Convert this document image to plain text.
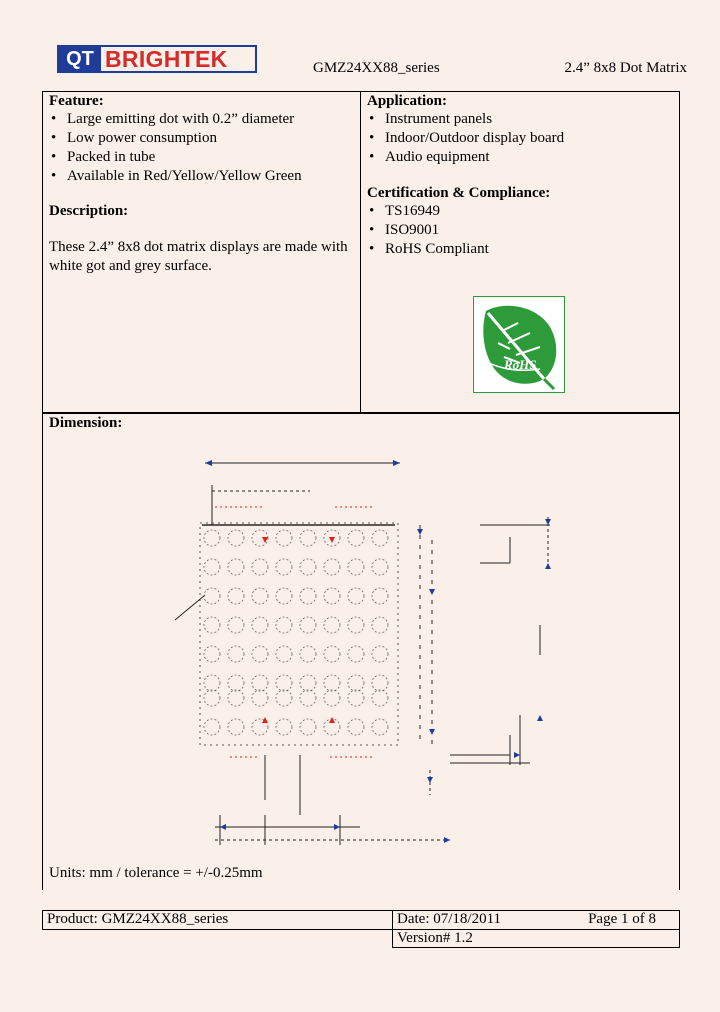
QT BRIGHTEK	GMZ24XX88_series	2.4” 8x8 Dot Matrix
Feature:
• Large emitting dot with 0.2” diameter
• Low power consumption
• Packed in tube
• Available in Red/Yellow/Yellow Green
Description:
These 2.4” 8x8 dot matrix displays are made with white got and grey surface.
Application:
• Instrument panels
• Indoor/Outdoor display board
• Audio equipment
Certification & Compliance:
• TS16949
• ISO9001
• RoHS Compliant
RoHS
Dimension:
Units: mm / tolerance = +/-0.25mm
Product: GMZ24XX88_series	Date: 07/18/2011	Page 1 of 8
Version# 1.2
